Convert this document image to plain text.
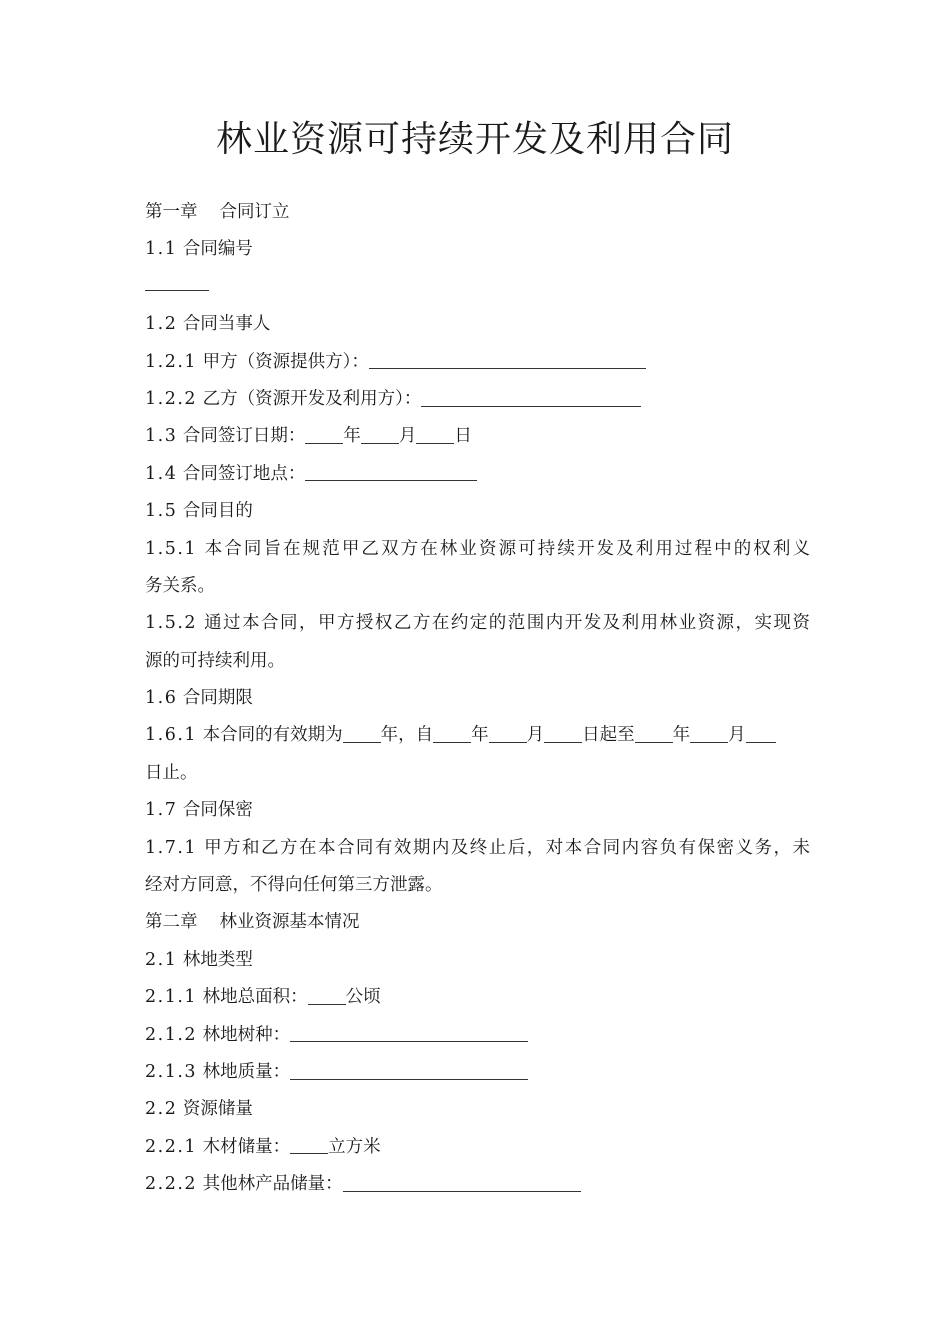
林业资源可持续开发及利用合同

第一章 合同订立

1.1 合同编号

1.2 合同当事人

1.2.1 甲方（资源提供方）：

1.2.2 乙方（资源开发及利用方）：

1.3 合同签订日期： 年 月 日

1.4 合同签订地点：

1.5 合同目的

1.5.1 本合同旨在规范甲乙双方在林业资源可持续开发及利用过程中的权利义

务关系。

1.5.2 通过本合同，甲方授权乙方在约定的范围内开发及利用林业资源，实现资

源的可持续利用。

1.6 合同期限

1.6.1 本合同的有效期为 年，自 年 月 日起至 年 月

日止。

1.7 合同保密

1.7.1 甲方和乙方在本合同有效期内及终止后，对本合同内容负有保密义务，未

经对方同意，不得向任何第三方泄露。

第二章 林业资源基本情况

2.1 林地类型

2.1.1 林地总面积： 公顷

2.1.2 林地树种：

2.1.3 林地质量：

2.2 资源储量

2.2.1 木材储量： 立方米

2.2.2 其他林产品储量：
